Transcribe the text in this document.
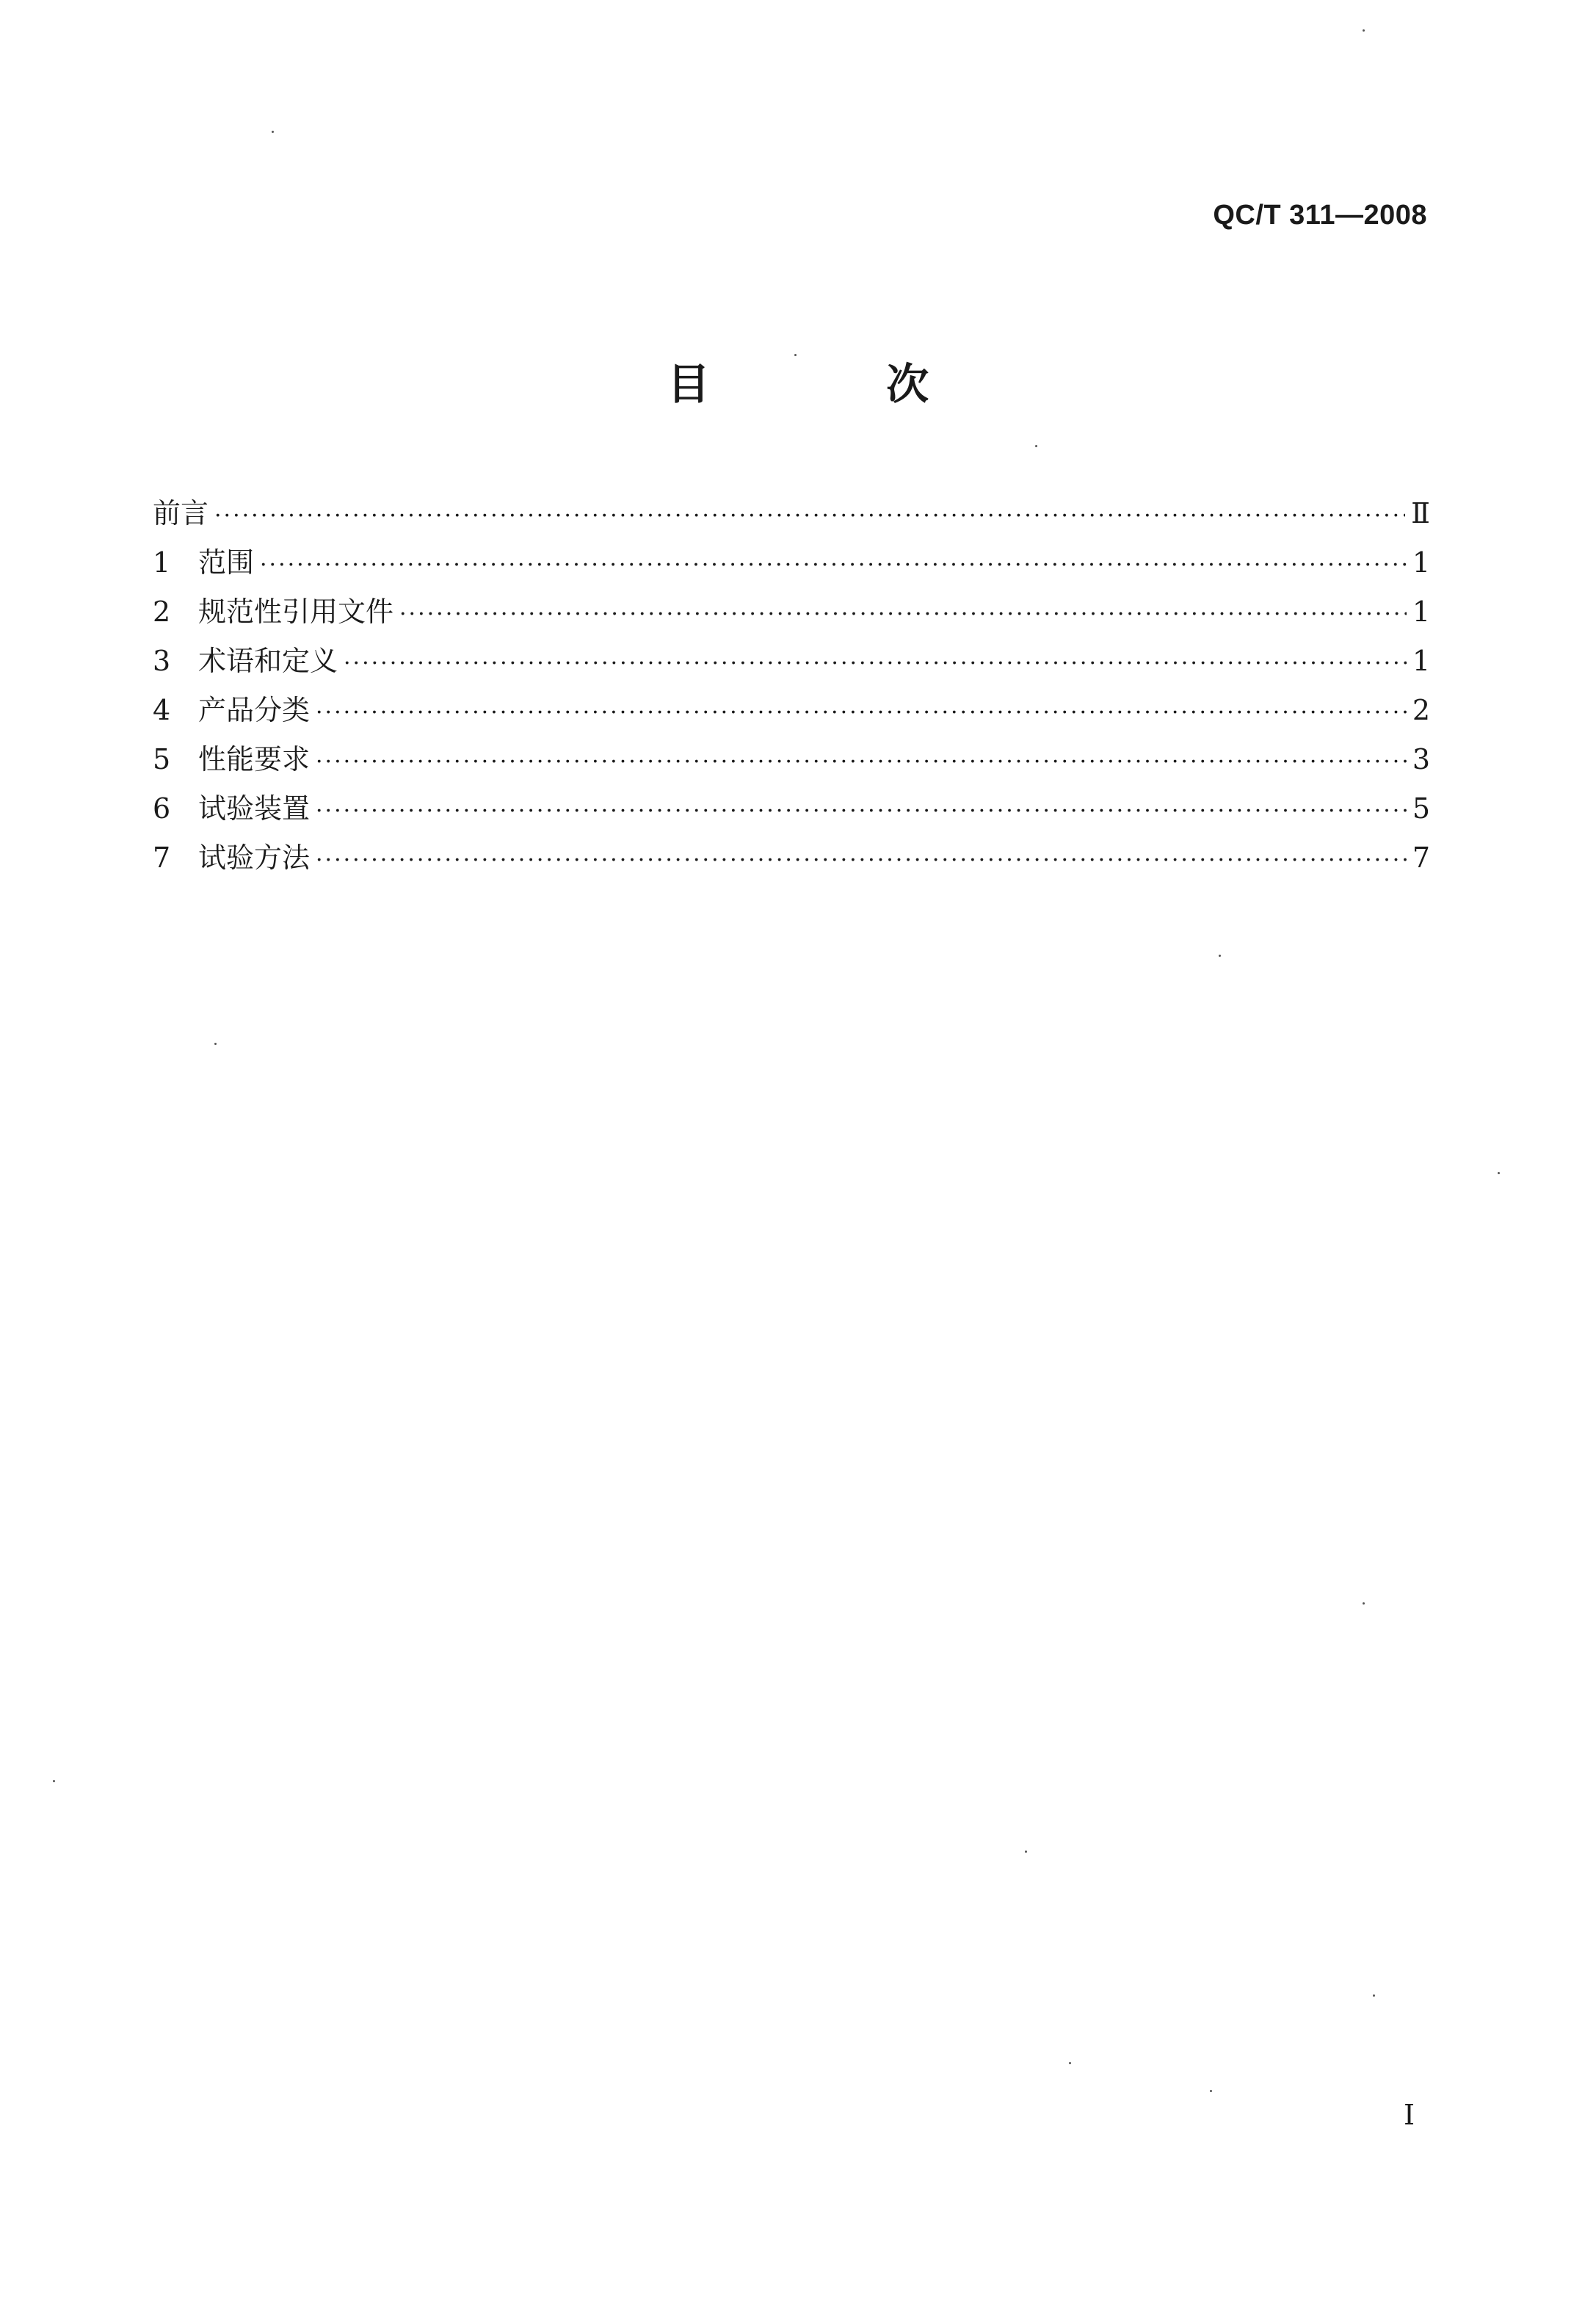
QC/T 311—2008
目 次
前言 ·····	Ⅱ
1 范围 ·····	1
2 规范性引用文件 ·····	1
3 术语和定义 ·····	1
4 产品分类 ·····	2
5 性能要求 ·····	3
6 试验装置 ·····	5
7 试验方法 ·····	7
I
